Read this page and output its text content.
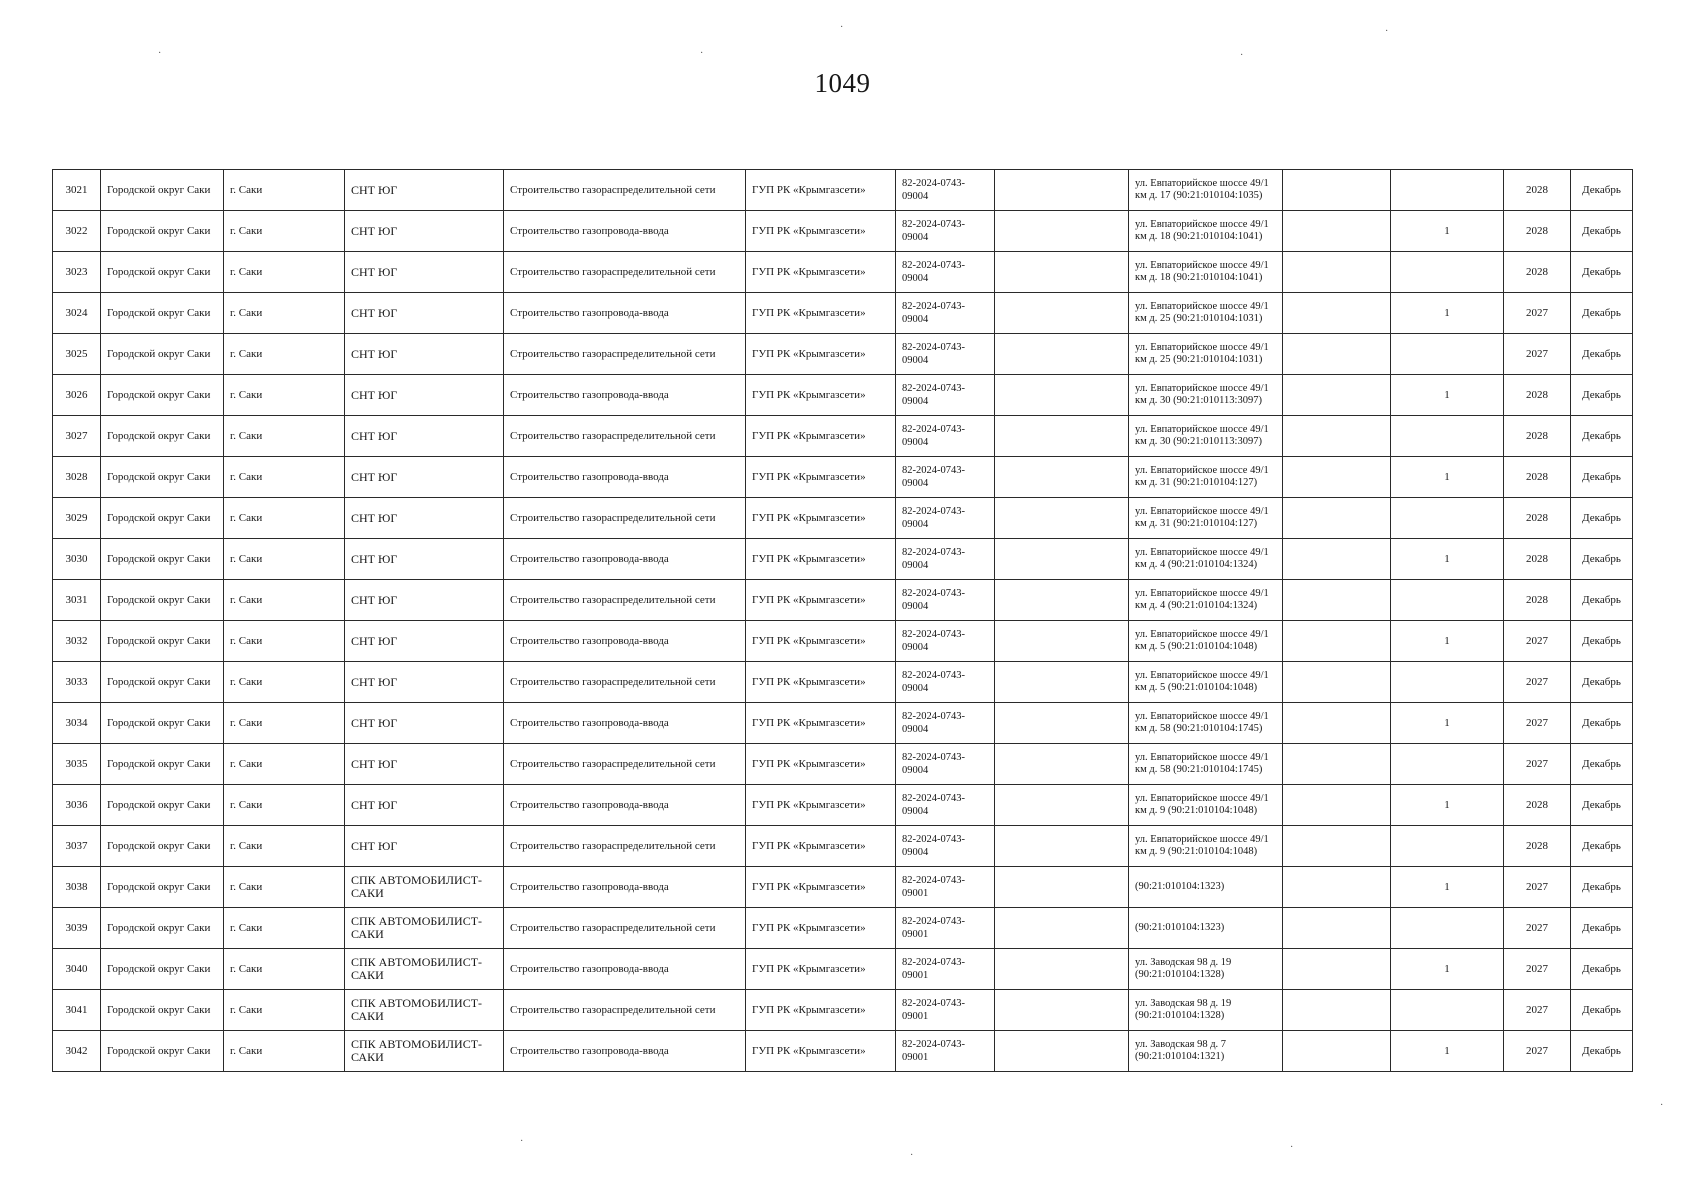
1049
·	·	·
·	·
·
·
·
·
3021	Городской округ Саки	г. Саки	СНТ ЮГ	Строительство газораспределительной сети	ГУП РК «Крымгазсети»	82-2024-0743-09004		ул. Евпаторийское шоссе 49/1 км д. 17 (90:21:010104:1035)			2028	Декабрь
3022	Городской округ Саки	г. Саки	СНТ ЮГ	Строительство газопровода-ввода	ГУП РК «Крымгазсети»	82-2024-0743-09004		ул. Евпаторийское шоссе 49/1 км д. 18 (90:21:010104:1041)		1	2028	Декабрь
3023	Городской округ Саки	г. Саки	СНТ ЮГ	Строительство газораспределительной сети	ГУП РК «Крымгазсети»	82-2024-0743-09004		ул. Евпаторийское шоссе 49/1 км д. 18 (90:21:010104:1041)			2028	Декабрь
3024	Городской округ Саки	г. Саки	СНТ ЮГ	Строительство газопровода-ввода	ГУП РК «Крымгазсети»	82-2024-0743-09004		ул. Евпаторийское шоссе 49/1 км д. 25 (90:21:010104:1031)		1	2027	Декабрь
3025	Городской округ Саки	г. Саки	СНТ ЮГ	Строительство газораспределительной сети	ГУП РК «Крымгазсети»	82-2024-0743-09004		ул. Евпаторийское шоссе 49/1 км д. 25 (90:21:010104:1031)			2027	Декабрь
3026	Городской округ Саки	г. Саки	СНТ ЮГ	Строительство газопровода-ввода	ГУП РК «Крымгазсети»	82-2024-0743-09004		ул. Евпаторийское шоссе 49/1 км д. 30 (90:21:010113:3097)		1	2028	Декабрь
3027	Городской округ Саки	г. Саки	СНТ ЮГ	Строительство газораспределительной сети	ГУП РК «Крымгазсети»	82-2024-0743-09004		ул. Евпаторийское шоссе 49/1 км д. 30 (90:21:010113:3097)			2028	Декабрь
3028	Городской округ Саки	г. Саки	СНТ ЮГ	Строительство газопровода-ввода	ГУП РК «Крымгазсети»	82-2024-0743-09004		ул. Евпаторийское шоссе 49/1 км д. 31 (90:21:010104:127)		1	2028	Декабрь
3029	Городской округ Саки	г. Саки	СНТ ЮГ	Строительство газораспределительной сети	ГУП РК «Крымгазсети»	82-2024-0743-09004		ул. Евпаторийское шоссе 49/1 км д. 31 (90:21:010104:127)			2028	Декабрь
3030	Городской округ Саки	г. Саки	СНТ ЮГ	Строительство газопровода-ввода	ГУП РК «Крымгазсети»	82-2024-0743-09004		ул. Евпаторийское шоссе 49/1 км д. 4 (90:21:010104:1324)		1	2028	Декабрь
3031	Городской округ Саки	г. Саки	СНТ ЮГ	Строительство газораспределительной сети	ГУП РК «Крымгазсети»	82-2024-0743-09004		ул. Евпаторийское шоссе 49/1 км д. 4 (90:21:010104:1324)			2028	Декабрь
3032	Городской округ Саки	г. Саки	СНТ ЮГ	Строительство газопровода-ввода	ГУП РК «Крымгазсети»	82-2024-0743-09004		ул. Евпаторийское шоссе 49/1 км д. 5 (90:21:010104:1048)		1	2027	Декабрь
3033	Городской округ Саки	г. Саки	СНТ ЮГ	Строительство газораспределительной сети	ГУП РК «Крымгазсети»	82-2024-0743-09004		ул. Евпаторийское шоссе 49/1 км д. 5 (90:21:010104:1048)			2027	Декабрь
3034	Городской округ Саки	г. Саки	СНТ ЮГ	Строительство газопровода-ввода	ГУП РК «Крымгазсети»	82-2024-0743-09004		ул. Евпаторийское шоссе 49/1 км д. 58 (90:21:010104:1745)		1	2027	Декабрь
3035	Городской округ Саки	г. Саки	СНТ ЮГ	Строительство газораспределительной сети	ГУП РК «Крымгазсети»	82-2024-0743-09004		ул. Евпаторийское шоссе 49/1 км д. 58 (90:21:010104:1745)			2027	Декабрь
3036	Городской округ Саки	г. Саки	СНТ ЮГ	Строительство газопровода-ввода	ГУП РК «Крымгазсети»	82-2024-0743-09004		ул. Евпаторийское шоссе 49/1 км д. 9 (90:21:010104:1048)		1	2028	Декабрь
3037	Городской округ Саки	г. Саки	СНТ ЮГ	Строительство газораспределительной сети	ГУП РК «Крымгазсети»	82-2024-0743-09004		ул. Евпаторийское шоссе 49/1 км д. 9 (90:21:010104:1048)			2028	Декабрь
3038	Городской округ Саки	г. Саки	СПК АВТОМОБИЛИСТ-САКИ	Строительство газопровода-ввода	ГУП РК «Крымгазсети»	82-2024-0743-09001		(90:21:010104:1323)		1	2027	Декабрь
3039	Городской округ Саки	г. Саки	СПК АВТОМОБИЛИСТ-САКИ	Строительство газораспределительной сети	ГУП РК «Крымгазсети»	82-2024-0743-09001		(90:21:010104:1323)			2027	Декабрь
3040	Городской округ Саки	г. Саки	СПК АВТОМОБИЛИСТ-САКИ	Строительство газопровода-ввода	ГУП РК «Крымгазсети»	82-2024-0743-09001		ул. Заводская 98 д. 19 (90:21:010104:1328)		1	2027	Декабрь
3041	Городской округ Саки	г. Саки	СПК АВТОМОБИЛИСТ-САКИ	Строительство газораспределительной сети	ГУП РК «Крымгазсети»	82-2024-0743-09001		ул. Заводская 98 д. 19 (90:21:010104:1328)			2027	Декабрь
3042	Городской округ Саки	г. Саки	СПК АВТОМОБИЛИСТ-САКИ	Строительство газопровода-ввода	ГУП РК «Крымгазсети»	82-2024-0743-09001		ул. Заводская 98 д. 7 (90:21:010104:1321)		1	2027	Декабрь
